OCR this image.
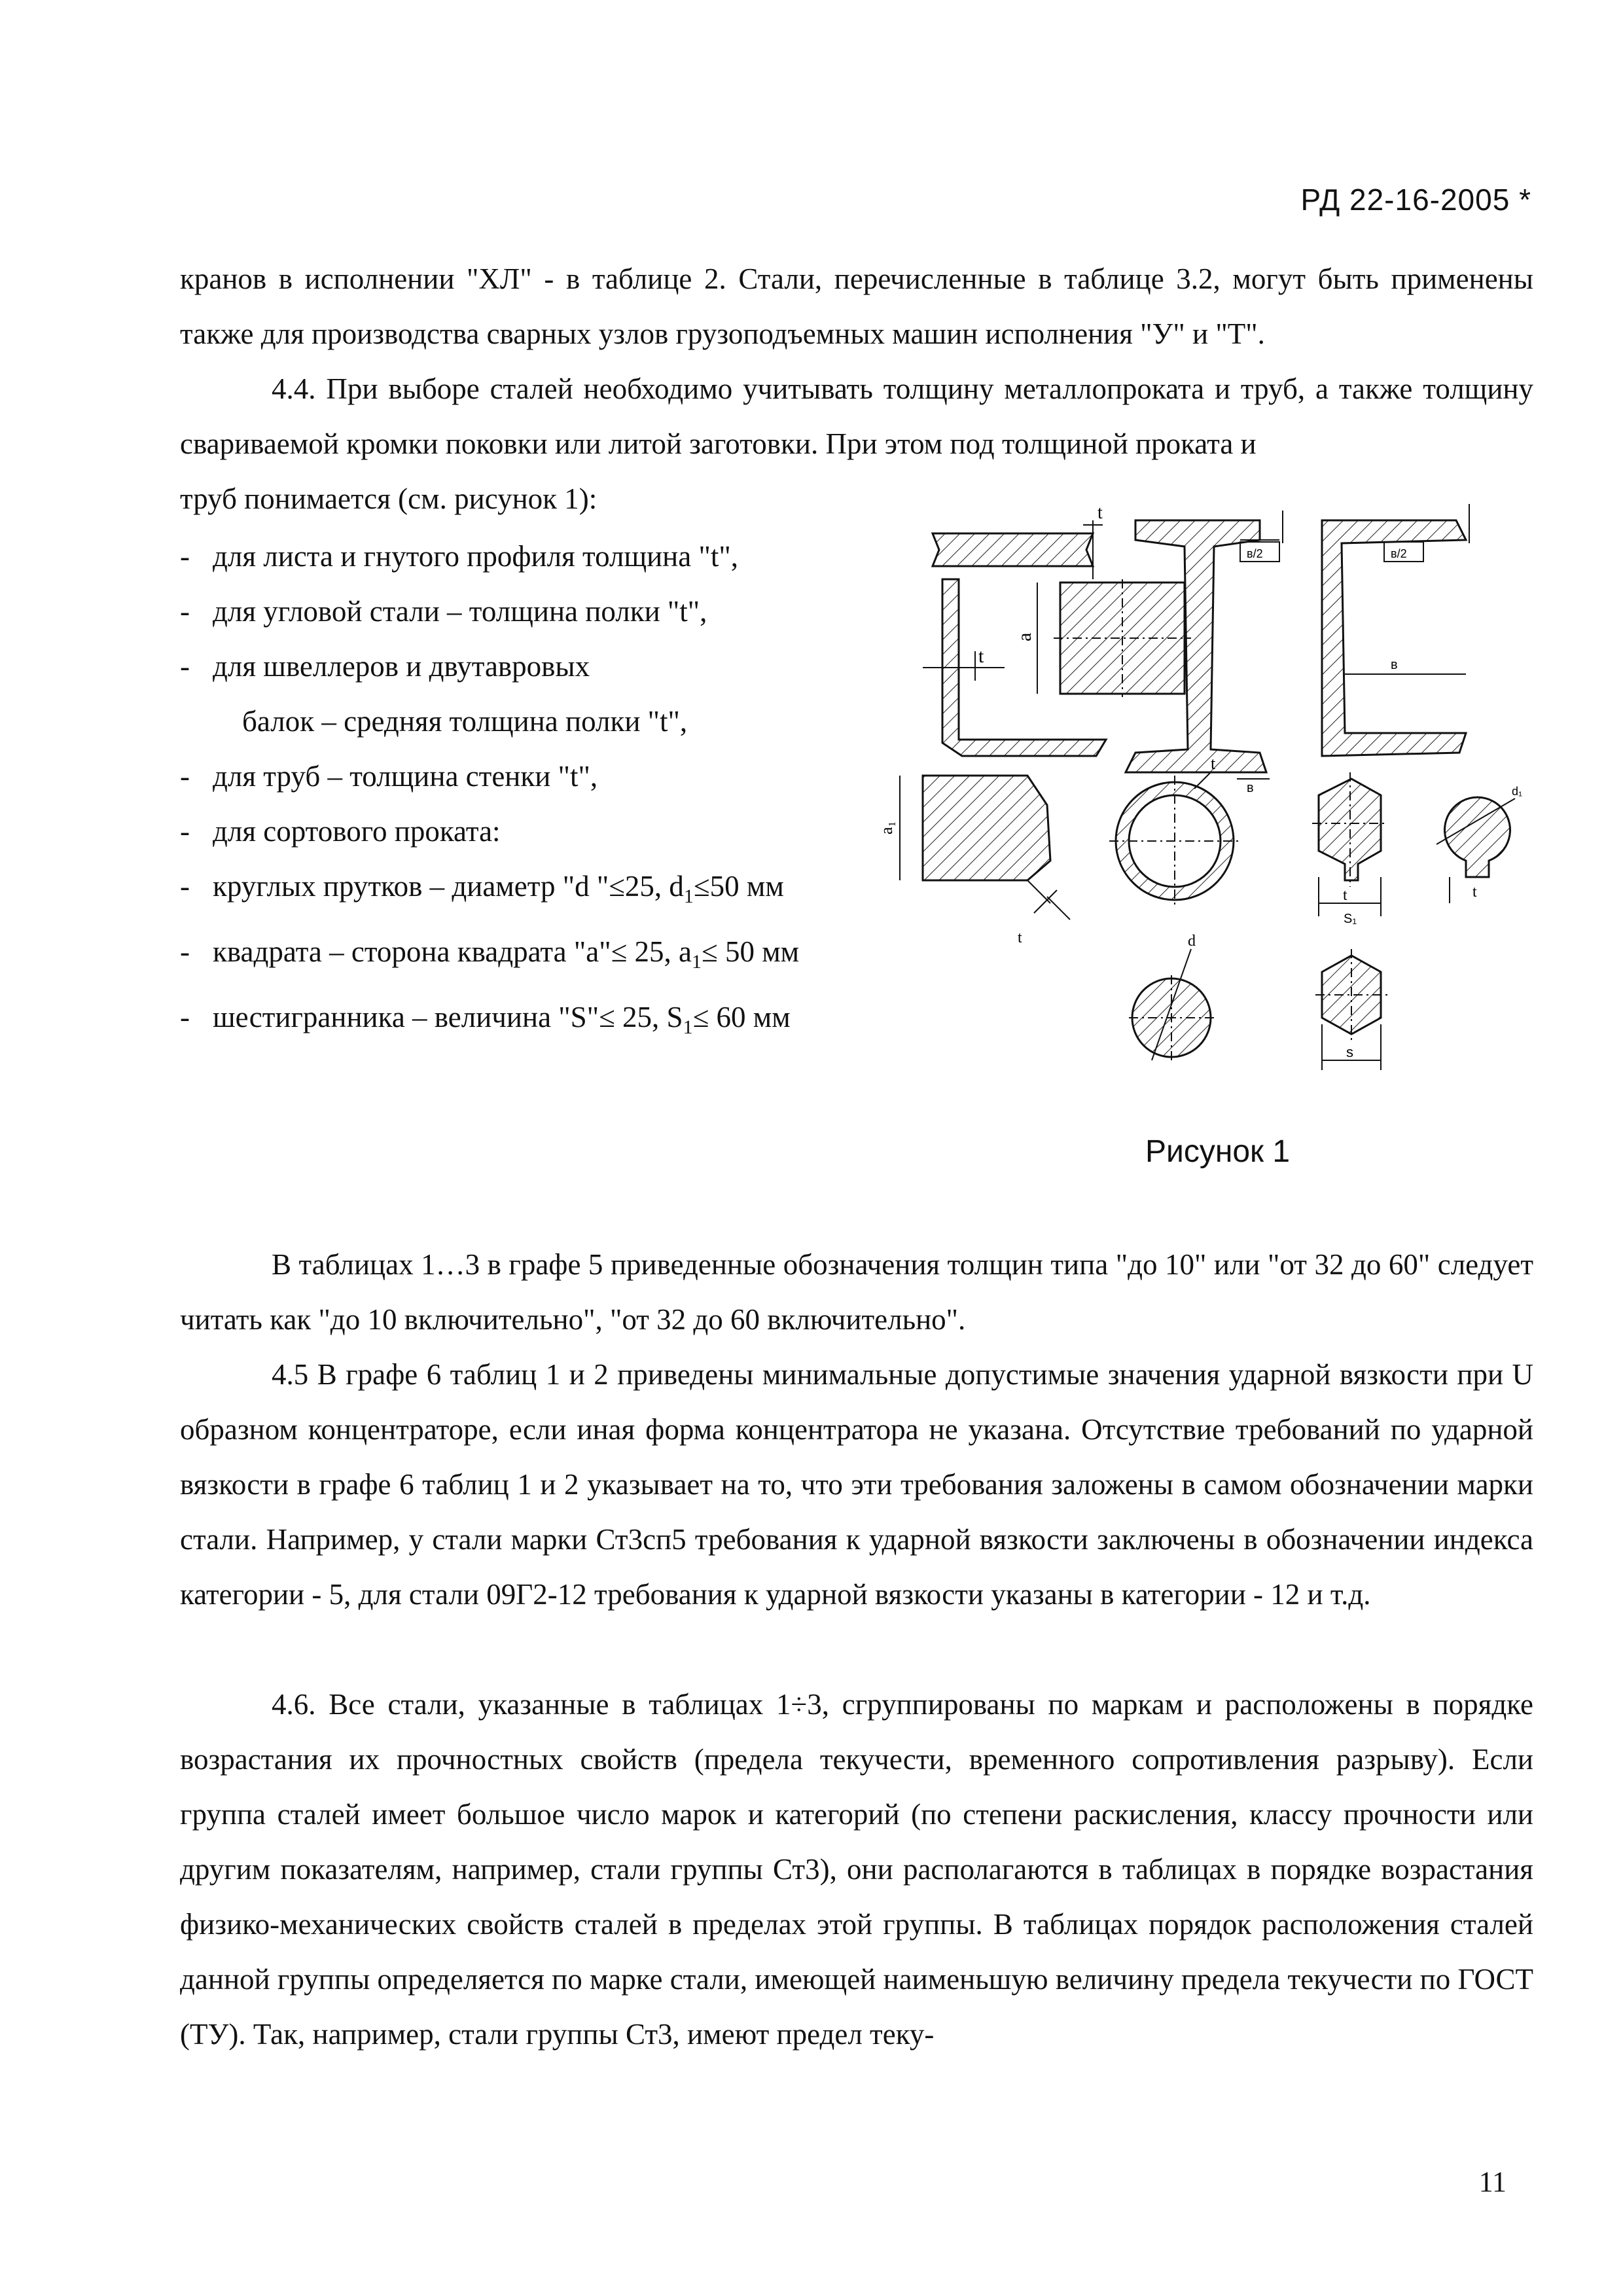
РД 22-16-2005 *

кранов в исполнении "ХЛ" - в таблице 2. Стали, перечисленные в таблице 3.2, могут быть применены также для производства сварных узлов грузоподъемных машин исполнения "У" и "Т".

4.4. При выборе сталей необходимо учитывать толщину металлопроката и труб, а также толщину свариваемой кромки поковки или литой заготовки. При этом под толщиной проката и

труб понимается (см. рисунок 1):

- для листа и гнутого профиля толщина "t",
- для угловой стали – толщина полки "t",
- для швеллеров и двутавровых
балок – средняя толщина полки "t",
- для труб – толщина стенки "t",
- для сортового проката:
- круглых прутков – диаметр "d "≤25, $d_1\le 50$ мм
- квадрата – сторона квадрата "a"≤ 25, $a_1\le 50$ мм
- шестигранника – величина "S"≤ 25, $S_1\le 60$ мм
t
t
a
в/2
в
в/2
в
a₁
t
t
t
S₁
d₁
t
d
s
Рисунок 1

В таблицах 1…3 в графе 5 приведенные обозначения толщин типа "до 10" или "от 32 до 60" следует читать как "до 10 включительно", "от 32 до 60 включительно".

4.5 В графе 6 таблиц 1 и 2 приведены минимальные допустимые значения ударной вязкости при U образном концентраторе, если иная форма концентратора не указана. Отсутствие требований по ударной вязкости в графе 6 таблиц 1 и 2 указывает на то, что эти требования заложены в самом обозначении марки стали. Например, у стали марки Ст3сп5 требования к ударной вязкости заключены в обозначении индекса категории - 5, для стали 09Г2-12 требования к ударной вязкости указаны в категории - 12 и т.д.

4.6. Все стали, указанные в таблицах 1÷3, сгруппированы по маркам и расположены в порядке возрастания их прочностных свойств (предела текучести, временного сопротивления разрыву). Если группа сталей имеет большое число марок и категорий (по степени раскисления, классу прочности или другим показателям, например, стали группы Ст3), они располагаются в таблицах в порядке возрастания физико-механических свойств сталей в пределах этой группы. В таблицах порядок расположения сталей данной группы определяется по марке стали, имеющей наименьшую величину предела текучести по ГОСТ (ТУ). Так, например, стали группы Ст3, имеют предел теку-

11
